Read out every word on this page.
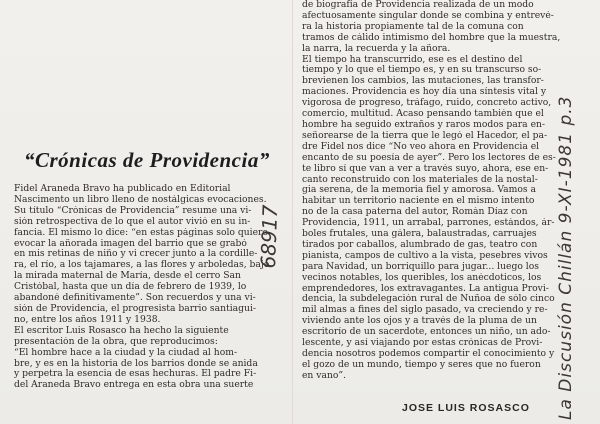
“Crónicas de Providencia”
Fidel Araneda Bravo ha publicado en Editorial
Nascimento un libro lleno de nostálgicas evocaciones.
Su título “Crónicas de Providencia” resume una vi-
sión retrospectiva de lo que el autor vivió en su in-
fancia. El mismo lo dice: “en estas páginas solo quiero
evocar la añorada imagen del barrio que se grabó
en mis retinas de niño y vi crecer junto a la cordille-
ra, el río, a los tajamares, a las flores y arboledas, bajo
la mirada maternal de María, desde el cerro San
Cristóbal, hasta que un día de febrero de 1939, lo
abandoné definitivamente”. Son recuerdos y una vi-
sión de Providencia, el progresista barrio santiagui-
no, entre los años 1911 y 1938.
El escritor Luis Rosasco ha hecho la siguiente
presentación de la obra, que reproducimos:
“El hombre hace a la ciudad y la ciudad al hom-
bre, y es en la historia de los barrios donde se anida
y perpetra la esencia de esas hechuras. El padre Fi-
del Araneda Bravo entrega en esta obra una suerte
de biografía de Providencia realizada de un modo
afectuosamente singular donde se combina y entrevé-
ra la historia propiamente tal de la comuna con
tramos de cálido intimismo del hombre que la muestra,
la narra, la recuerda y la añora.
El tiempo ha transcurrido, ese es el destino del
tiempo y lo que el tiempo es, y en su transcurso so-
brevienen los cambios, las mutaciones, las transfor-
maciones. Providencia es hoy día una síntesis vital y
vigorosa de progreso, tráfago, ruido, concreto activo,
comercio, multitud. Acaso pensando también que el
hombre ha seguido extraños y raros modos para en-
señorearse de la tierra que le legó el Hacedor, el pa-
dre Fidel nos dice “No veo ahora en Providencia el
encanto de su poesía de ayer”. Pero los lectores de es-
te libro sí que van a ver a través suyo, ahora, ese en-
canto reconstruido con los materiales de la nostal-
gia serena, de la memoria fiel y amorosa. Vamos a
habitar un territorio naciente en el mismo intento
no de la casa paterna del autor, Román Díaz con
Providencia, 1911, un arrabal, parrones, estándos, ár-
boles frutales, una gálera, balaustradas, carruajes
tirados por caballos, alumbrado de gas, teatro con
pianista, campos de cultivo a la vista, pesebres vivos
para Navidad, un borriquillo para jugar... luego los
vecinos notables, los queribles, los anécdoticos, los
emprendedores, los extravagantes. La antigua Provi-
dencia, la subdelegación rural de Ñuñoa de sólo cinco
mil almas a fines del siglo pasado, va creciendo y re-
viviendo ante los ojos y a través de la pluma de un
escritorío de un sacerdote, entonces un niño, un ado-
lescente, y así viajando por estas crónicas de Provi-
dencia nosotros podemos compartir el conocimiento y
el gozo de un mundo, tiempo y seres que no fueron
en vano”.
JOSE LUIS ROSASCO
68917	La Discusión Chillán 9-XI-1981 p.3
